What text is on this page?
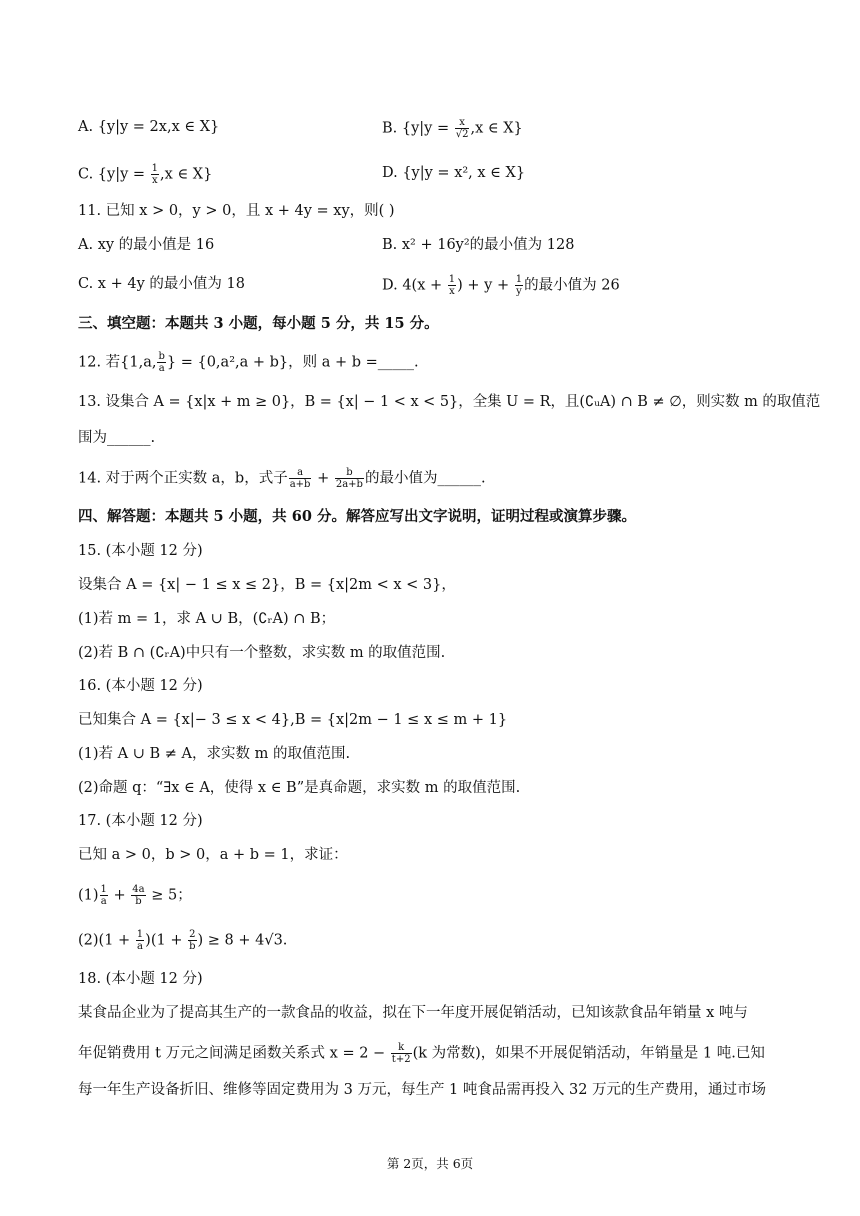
A. {y|y = 2x,x ∈ X}	B. {$y|y = \frac{x}{√2} ,x$ ∈ X}
C. {$y|y = \frac{1}{x} ,x$ ∈ X}	D. {y|y = x², x ∈ X}
11. 已知 x > 0，y > 0，且 x + 4y = xy，则( )
A. xy 的最小值是 16	B. x² + 16y²的最小值为 128
C. x + 4y 的最小值为 18	D. $4(x + \frac{1}{x}$ ) + $y + \frac{1}{y}$ 的最小值为 26
三、填空题：本题共 3 小题，每小题 5 分，共 15 分。
12. 若{1,a, $\frac{b}{a}$ } = {0,a²,a + b}，则 a + b =_____.
13. 设集合 A = {x|x + m ≥ 0}，B = {x| − 1 < x < 5}，全集 U = R，且(∁ᵤA) ∩ B ≠ ∅，则实数 m 的取值范
围为______.
14. 对于两个正实数 a，b，式子 $\frac{a}{a+b} + \frac{b}{2a+b}$ 的最小值为______.
四、解答题：本题共 5 小题，共 60 分。解答应写出文字说明，证明过程或演算步骤。
15. (本小题 12 分)
设集合 A = {x| − 1 ≤ x ≤ 2}，B = {x|2m < x < 3}，
(1)若 m = 1，求 A ∪ B，(∁ᵣA) ∩ B；
(2)若 B ∩ (∁ᵣA)中只有一个整数，求实数 m 的取值范围.
16. (本小题 12 分)
已知集合 A = {x|− 3 ≤ x < 4},B = {x|2m − 1 ≤ x ≤ m + 1}
(1)若 A ∪ B ≠ A，求实数 m 的取值范围.
(2)命题 q：“∃x ∈ A，使得 x ∈ B”是真命题，求实数 m 的取值范围.
17. (本小题 12 分)
已知 a > 0，b > 0，a + b = 1，求证：
$(1) \frac{1}{a} + \frac{4a}{b} \ge 5$；
$(2)(1 + \frac{1}{a} )(1 + \frac{2}{b}$ ) ≥ 8 + 4√3.
18. (本小题 12 分)
某食品企业为了提高其生产的一款食品的收益，拟在下一年度开展促销活动，已知该款食品年销量 x 吨与
年促销费用 t 万元之间满足函数关系式 $x = 2 - \frac{k}{t+2} (k$ 为常数)，如果不开展促销活动，年销量是 1 吨.已知
每一年生产设备折旧、维修等固定费用为 3 万元，每生产 1 吨食品需再投入 32 万元的生产费用，通过市场
第 2页，共 6页
